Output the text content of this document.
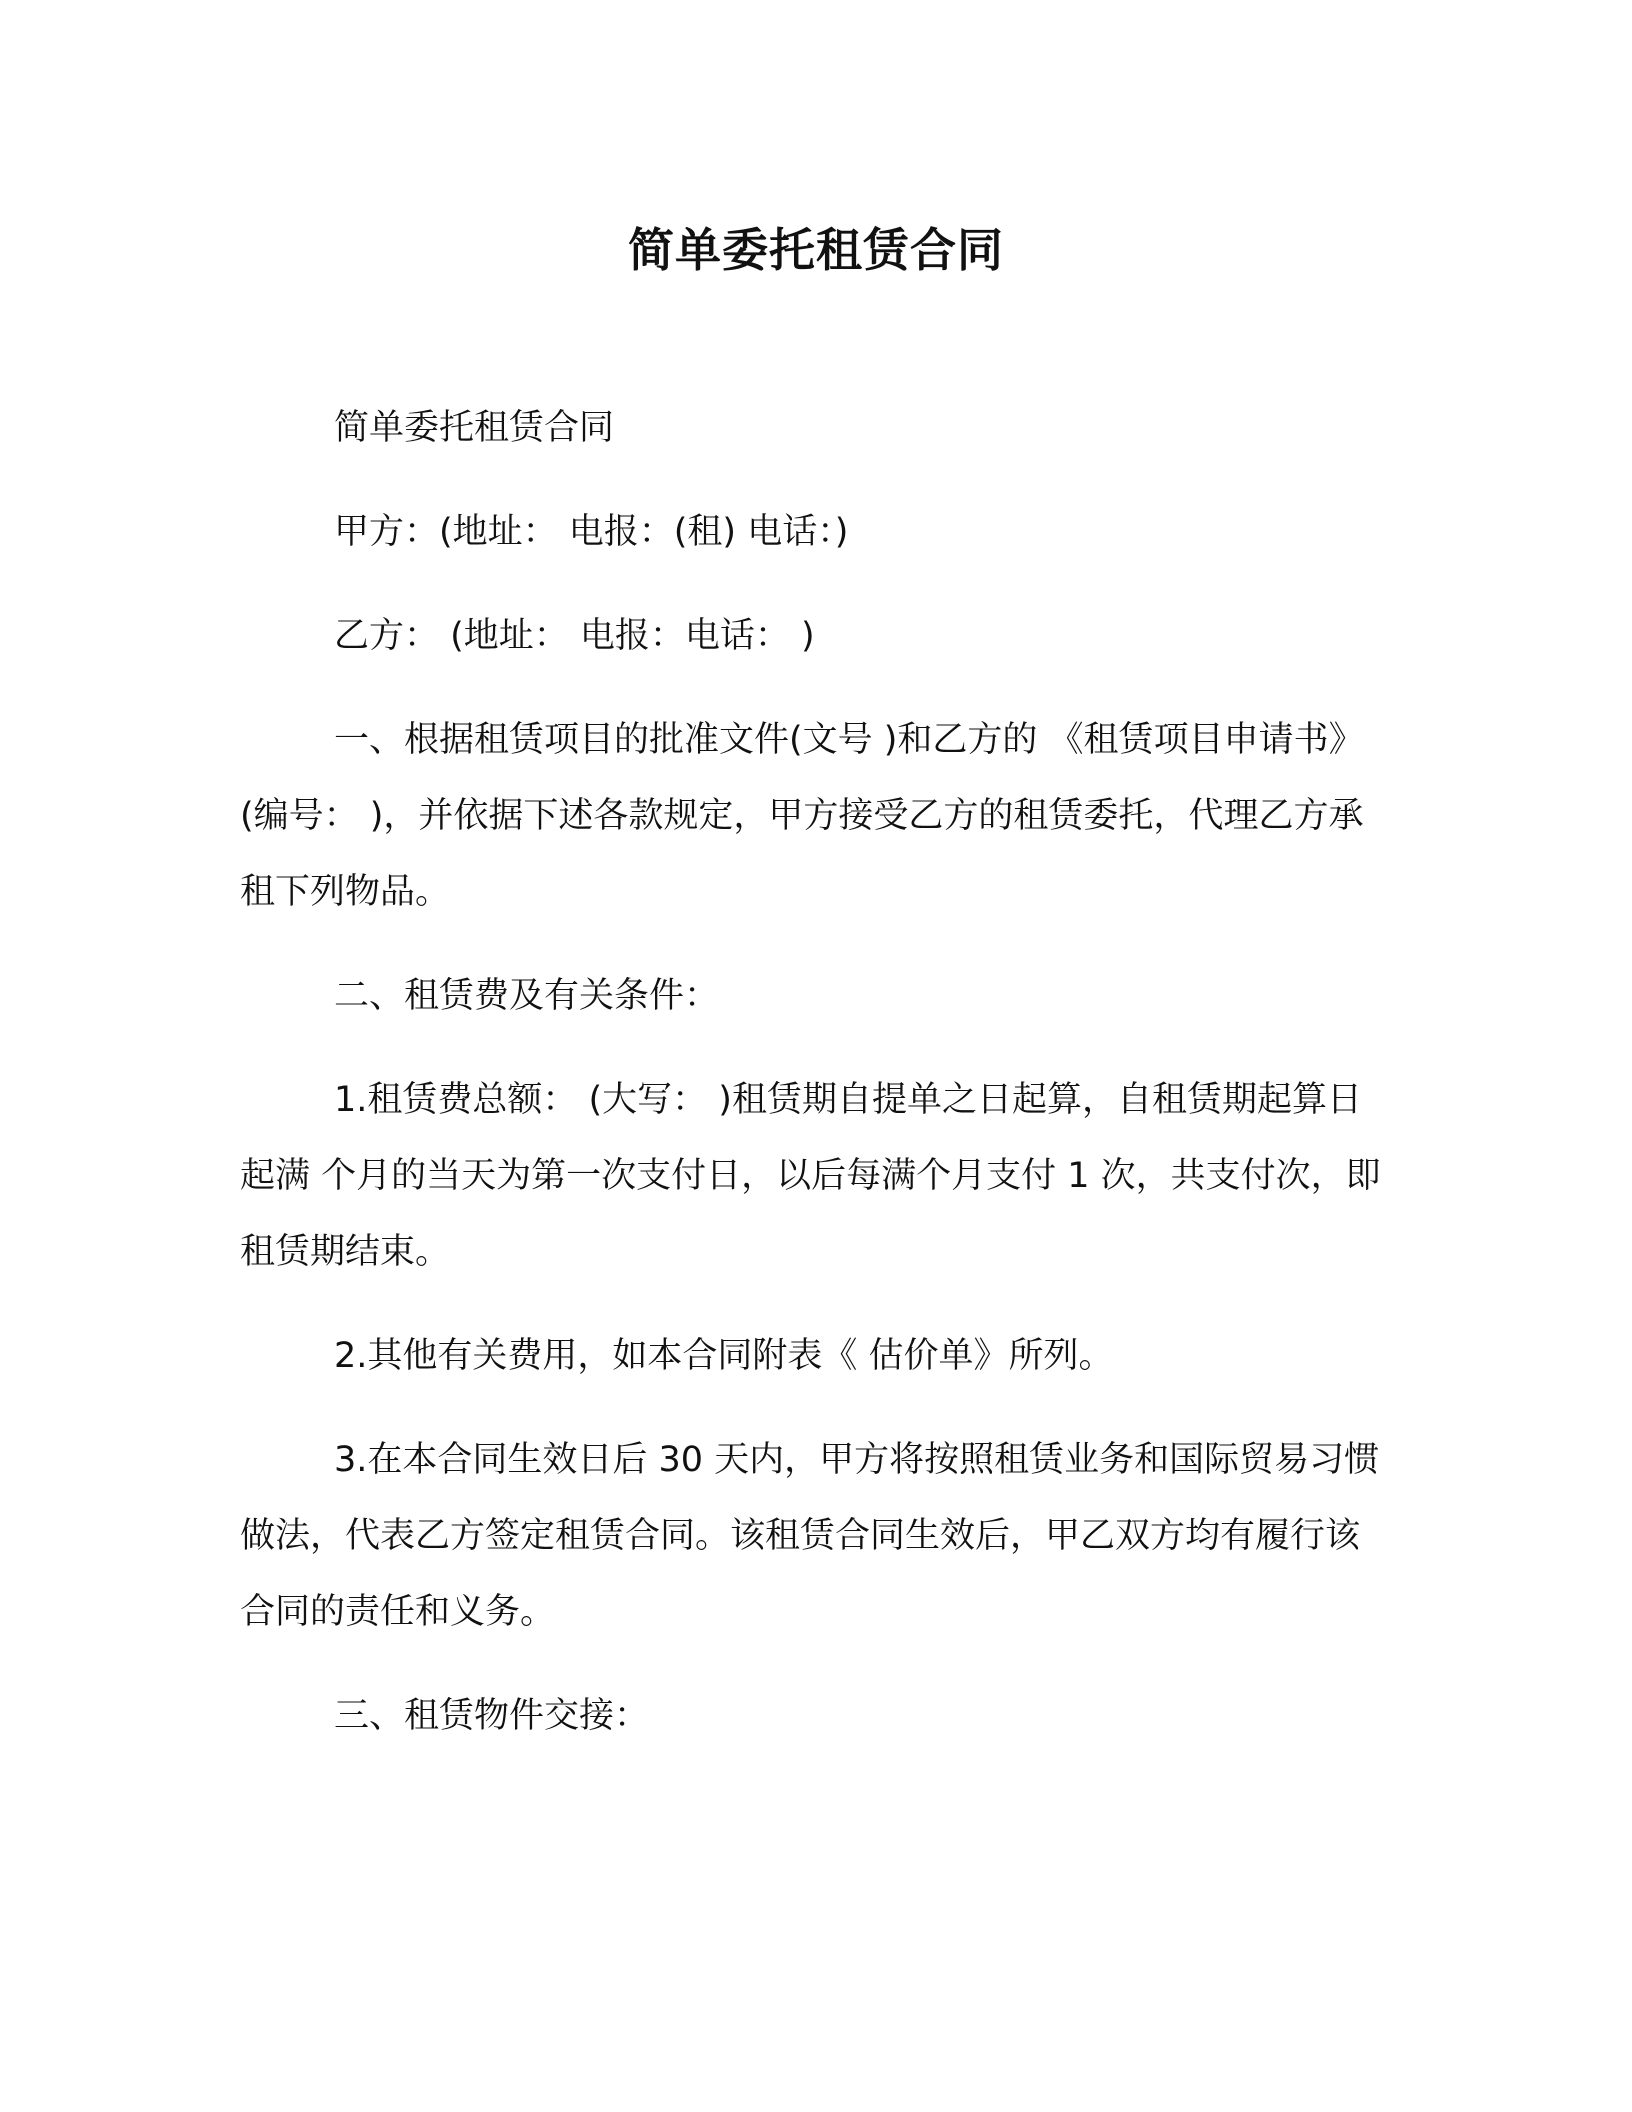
简单委托租赁合同

简单委托租赁合同

甲方：(地址： 电报：(租) 电话：)

乙方： (地址： 电报：电话： )

一、根据租赁项目的批准文件(文号 )和乙方的 《租赁项目申请书》(编号： )，并依据下述各款规定，甲方接受乙方的租赁委托，代理乙方承租下列物品。

二、租赁费及有关条件：

1.租赁费总额： (大写： )租赁期自提单之日起算，自租赁期起算日起满 个月的当天为第一次支付日，以后每满个月支付 1 次，共支付次，即租赁期结束。

2.其他有关费用，如本合同附表《 估价单》所列。

3.在本合同生效日后 30 天内，甲方将按照租赁业务和国际贸易习惯做法，代表乙方签定租赁合同。该租赁合同生效后，甲乙双方均有履行该合同的责任和义务。

三、租赁物件交接：
